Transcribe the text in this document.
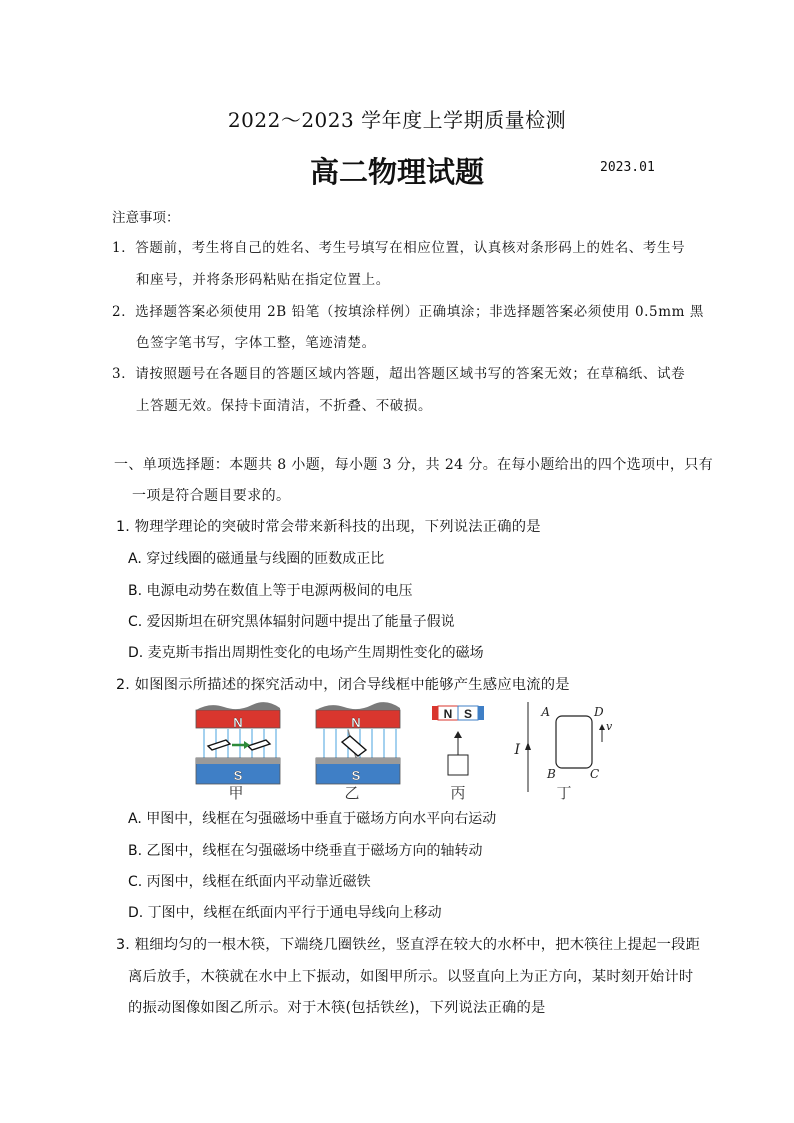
2022～2023 学年度上学期质量检测
高二物理试题	2023.01
注意事项：
1．答题前，考生将自己的姓名、考生号填写在相应位置，认真核对条形码上的姓名、考生号
和座号，并将条形码粘贴在指定位置上。
2．选择题答案必须使用 2B 铅笔（按填涂样例）正确填涂；非选择题答案必须使用 0.5mm 黑
色签字笔书写，字体工整，笔迹清楚。
3．请按照题号在各题目的答题区域内答题，超出答题区域书写的答案无效；在草稿纸、试卷
上答题无效。保持卡面清洁，不折叠、不破损。
一、单项选择题：本题共 8 小题，每小题 3 分，共 24 分。在每小题给出的四个选项中，只有
一项是符合题目要求的。
1. 物理学理论的突破时常会带来新科技的出现，下列说法正确的是
A. 穿过线圈的磁通量与线圈的匝数成正比
B. 电源电动势在数值上等于电源两极间的电压
C. 爱因斯坦在研究黑体辐射问题中提出了能量子假说
D. 麦克斯韦指出周期性变化的电场产生周期性变化的磁场
2. 如图图示所描述的探究活动中，闭合导线框中能够产生感应电流的是
N
S
甲
N
S
乙
N S
丙
I
A	D
B	C
v
丁
A. 甲图中，线框在匀强磁场中垂直于磁场方向水平向右运动
B. 乙图中，线框在匀强磁场中绕垂直于磁场方向的轴转动
C. 丙图中，线框在纸面内平动靠近磁铁
D. 丁图中，线框在纸面内平行于通电导线向上移动
3. 粗细均匀的一根木筷，下端绕几圈铁丝，竖直浮在较大的水杯中，把木筷往上提起一段距
离后放手，木筷就在水中上下振动，如图甲所示。以竖直向上为正方向，某时刻开始计时
的振动图像如图乙所示。对于木筷(包括铁丝)，下列说法正确的是
